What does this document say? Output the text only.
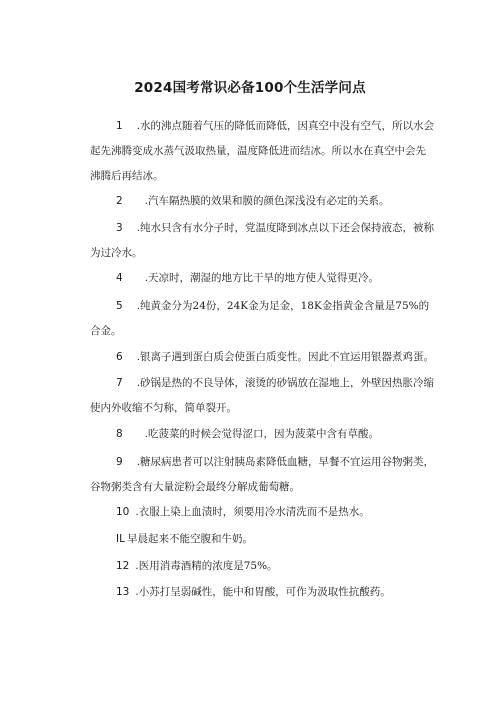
2024国考常识必备100个生活学问点
1 .水的沸点随着气压的降低而降低，因真空中没有空气，所以水会起先沸腾变成水蒸气汲取热量，温度降低进而结冰。所以水在真空中会先沸腾后再结冰。
2 .汽车隔热膜的效果和膜的颜色深浅没有必定的关系。
3 .纯水只含有水分子时，党温度降到冰点以下还会保持液态，被称为过冷水。
4 .天凉时，潮湿的地方比干旱的地方使人觉得更冷。
5 .纯黄金分为24份，24K金为足金，18K金指黄金含量是75%的合金。
6 .银离子遇到蛋白质会使蛋白质变性。因此不宜运用银器煮鸡蛋。
7 .砂锅是热的不良导体，滚烫的砂锅放在湿地上，外壁因热胀冷缩使内外收缩不匀称，简单裂开。
8 .吃菠菜的时候会觉得涩口，因为菠菜中含有草酸。
9 .糖尿病患者可以注射胰岛素降低血糖，早餐不宜运用谷物粥类，谷物粥类含有大量淀粉会最终分解成葡萄糖。
10 .衣服上染上血渍时，须要用冷水清洗而不是热水。
IL 早晨起来不能空腹和牛奶。
12 .医用消毒酒精的浓度是75%。
13 .小苏打呈弱碱性，能中和胃酸，可作为汲取性抗酸药。
